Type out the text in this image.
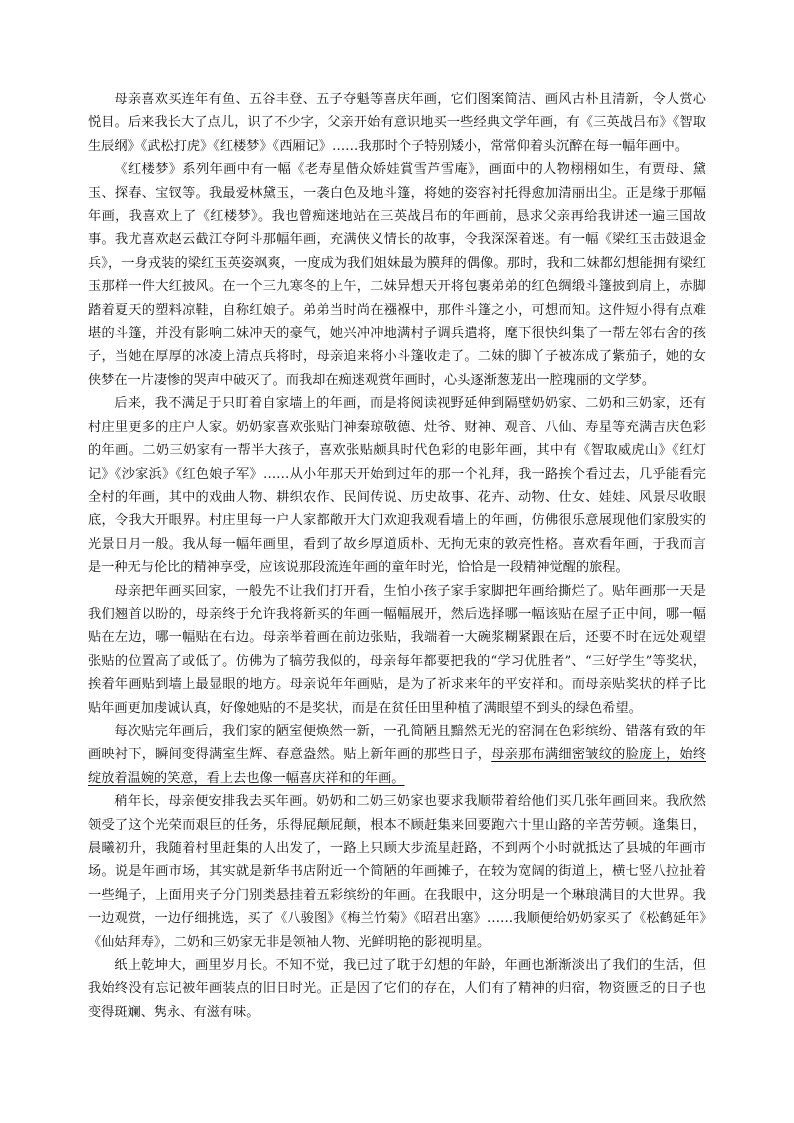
母亲喜欢买连年有鱼、五谷丰登、五子夺魁等喜庆年画，它们图案简洁、画风古朴且清新，令人赏心悦目。后来我长大了点儿，识了不少字，父亲开始有意识地买一些经典文学年画，有《三英战吕布》《智取生辰纲》《武松打虎》《红楼梦》《西厢记》……我那时个子特别矮小，常常仰着头沉醉在每一幅年画中。

《红楼梦》系列年画中有一幅《老寿星偕众娇娃賞雪芦雪庵》，画面中的人物栩栩如生，有贾母、黛玉、探春、宝钗等。我最爱林黛玉，一袭白色及地斗篷，将她的姿容衬托得愈加清丽出尘。正是缘于那幅年画，我喜欢上了《红楼梦》。我也曾痴迷地站在三英战吕布的年画前，恳求父亲再给我讲述一遍三国故事。我尤喜欢赵云截江夺阿斗那幅年画，充满侠义情长的故事，令我深深着迷。有一幅《梁红玉击鼓退金兵》，一身戎装的梁红玉英姿飒爽，一度成为我们姐妹最为膜拜的偶像。那时，我和二妹都幻想能拥有梁红玉那样一件大红披风。在一个三九寒冬的上午，二妹异想天开将包裹弟弟的红色绸缎斗篷披到肩上，赤脚踏着夏天的塑料凉鞋，自称红娘子。弟弟当时尚在襁褓中，那件斗篷之小，可想而知。这件短小得有点难堪的斗篷，并没有影响二妹冲天的豪气，她兴冲冲地满村子调兵遣将，麾下很快纠集了一帮左邻右舍的孩子，当她在厚厚的冰凌上清点兵将时，母亲追来将小斗篷收走了。二妹的脚丫子被冻成了紫茄子，她的女侠梦在一片凄惨的哭声中破灭了。而我却在痴迷观赏年画时，心头逐渐葱茏出一腔瑰丽的文学梦。

后来，我不满足于只盯着自家墙上的年画，而是将阅读视野延伸到隔壁奶奶家、二奶和三奶家，还有村庄里更多的庄户人家。奶奶家喜欢张贴门神秦琼敬德、灶爷、财神、观音、八仙、寿星等充满吉庆色彩的年画。二奶三奶家有一帮半大孩子，喜欢张贴颇具时代色彩的电影年画，其中有《智取威虎山》《红灯记》《沙家浜》《红色娘子军》……从小年那天开始到过年的那一个礼拜，我一路挨个看过去，几乎能看完全村的年画，其中的戏曲人物、耕织农作、民间传说、历史故事、花卉、动物、仕女、娃娃、风景尽收眼底，令我大开眼界。村庄里每一户人家都敞开大门欢迎我观看墙上的年画，仿佛很乐意展现他们家殷实的光景日月一般。我从每一幅年画里，看到了故乡厚道质朴、无拘无束的敦亮性格。喜欢看年画，于我而言是一种无与伦比的精神享受，应该说那段流连年画的童年时光，恰恰是一段精神觉醒的旅程。

母亲把年画买回家，一般先不让我们打开看，生怕小孩子家手家脚把年画给撕烂了。贴年画那一天是我们翘首以盼的，母亲终于允许我将新买的年画一幅幅展开，然后选择哪一幅该贴在屋子正中间，哪一幅贴在左边，哪一幅贴在右边。母亲举着画在前边张贴，我端着一大碗浆糊紧跟在后，还要不时在远处观望张贴的位置高了或低了。仿佛为了犒劳我似的，母亲每年都要把我的“学习优胜者”、“三好学生”等奖状，挨着年画贴到墙上最显眼的地方。母亲说年年画贴，是为了祈求来年的平安祥和。而母亲贴奖状的样子比贴年画更加虔诚认真，好像她贴的不是奖状，而是在贫任田里种植了满眼望不到头的绿色希望。

每次贴完年画后，我们家的陋室便焕然一新，一孔简陋且黯然无光的窑洞在色彩缤纷、错落有致的年画映衬下，瞬间变得满室生辉、春意盎然。贴上新年画的那些日子，母亲那布满细密皱纹的脸庞上，始终绽放着温婉的笑意，看上去也像一幅喜庆祥和的年画。

稍年长，母亲便安排我去买年画。奶奶和二奶三奶家也要求我顺带着给他们买几张年画回来。我欣然领受了这个光荣而艰巨的任务，乐得屁颠屁颠，根本不顾赶集来回要跑六十里山路的辛苦劳顿。逢集日，晨曦初升，我随着村里赶集的人出发了，一路上只顾大步流星赶路，不到两个小时就抵达了县城的年画市场。说是年画市场，其实就是新华书店附近一个简陋的年画摊子，在较为宽阔的街道上，横七竖八拉扯着一些绳子，上面用夹子分门别类悬挂着五彩缤纷的年画。在我眼中，这分明是一个琳琅满目的大世界。我一边观赏，一边仔细挑选，买了《八骏图》《梅兰竹菊》《昭君出塞》……我顺便给奶奶家买了《松鹤延年》《仙姑拜寿》，二奶和三奶家无非是领袖人物、光鲜明艳的影视明星。

纸上乾坤大，画里岁月长。不知不觉，我已过了耽于幻想的年龄，年画也渐渐淡出了我们的生活，但我始终没有忘记被年画装点的旧日时光。正是因了它们的存在，人们有了精神的归宿，物资匮乏的日子也变得斑斓、隽永、有滋有味。
